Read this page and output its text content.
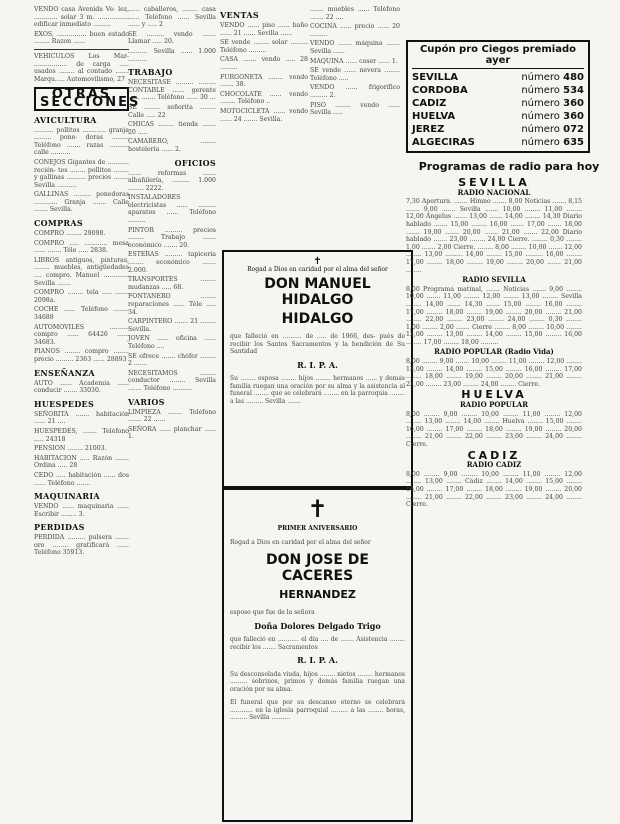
VENDO casa Avenida Ve- lez, ............ solar 3 m. ................ edificar inmediato .........

EXOS, ............... buen estado ........ Razon ......

VEHICULOS Los Mar- ................. de carga ..... usados ........ al contado ....... Marqu..... Automovilismo, 27

OTRAS SECCIONES
AVICULTURA

.......... pollitos ............ granja ......... pone- doras ......... Teléfono ....... razas .......... calle ..........

CONEJOS Gigantes de ........... recién- tes ........ pollitos ........ y gallinas .......... precios ........ Sevilla ..........

GALLINAS ......... ponedoras ............ Granja ....... Calle ....... Sevilla.

COMPRAS

COMPRO ........ 29098.

COMPRO ..... ............ mesa ...... ....... Téle ..... 2838.

LIBROS antiguos, pinturas, ........ muebles, antigüedades .... compro. Manuel ............. Sevilla .......

COMPRO ........ tela ..... ....... 2098a.

COCHE ...... Teléfono ........ 34688

AUTOMOVILES .......... compro ...... 64426 ...... 34683.

PIANOS ........ compro ........ precio ......... 2363 ...... 28893

ENSEÑANZA

AUTO ...... Academia ...... conducir ....... 33030.

HUESPEDES

SEÑORITA ....... habitación ...... 21 ....

HUESPEDES, ....... Teléfono ..... 24318

PENSION ........ 21003.

HABITACION ..... Razón ....... Ordina ..... 28

CEDO ..... habitación ...... dos ...... Teléfono .......

MAQUINARIA

VENDO ...... maquinaria ...... Escribir ........ 3.

PERDIDAS

PERDIDA ......... pulsera ....... oro ........ gratificará ...... Teléfono 35913.

...... caballeros, ........ casa ...... Teléfono ...... Sevilla ...... y ..... 2

SE ......... vendo ....... Llamar ..... 20.

.......... Sevilla ...... 1.000 ..........

TRABAJO

NECESITASE ......... ......... CONTABLE ...... gerente ...... ....... Teléfono ...... 30 ...

SE ........ señorita ........ Calle ..... 22

CHICAS ........ tienda ....... 20 .....

CAMARERO, ........ hostelería ...... 2.

OFICIOS

....... reformas ....... albañilería, ......... 1.000 ........ 2222.

INSTALADORES electricistas ...... ......... aparatos ...... Teléfono .........

PINTOR ......... precios ........ Trabajo ....... económico ....... 20.

ESTERAS ......... tapicería ........ económico ....... 2.000.

TRANSPORTES ........ mudanzas ..... 68.

FONTANERO ........ reparaciones ...... Téle ..... 34.

CARPINTERO ....... 21 ........ Sevilla.

JOVEN ...... oficina ...... Teléfono ....

SE ofrece ....... chófer ........ 2 .......

NECESITAMOS ........ conductor ........ Sevilla ....... Teléfono ..........

VARIOS

LIMPIEZA ....... Teléfono ....... 22 ......

SEÑORA ...... planchar ...... 1.

VENTAS

VENDO ...... piso ...... baño ...... 21 ...... Sevilla ......

SE vende ........ solar ......... Teléfono .........

CASA ....... vendo ..... 28 .........

FURGONETA ........ vendo ....... 38.

CHOCOLATE ...... vendo ........ Teléfono ..

MOTOCICLETA ...... vendo ...... 24 ....... Sevilla.

....... muebles ...... Teléfono ....... 22 ....

COCINA ...... precio ...... 20 .........

VENDO ....... máquina ....... Sevilla ......

MAQUINA ...... coser ...... 1.

SE vende ...... nevera ........ Teléfono .....

VENDO ...... frigorífico ......... 2.

PISO ........ vendo ...... Sevilla .....

✝
Rogad a Dios en caridad por el alma del señor
DON MANUEL HIDALGO
HIDALGO

que falleció en .......... de ..... de 1966, des- pués de recibir los Santos Sacramentos y la bendición de Su Santidad

R. I. P. A.

Su ........ esposa ........ hijos ........ hermanos ...... y demás familia ruegan una oración por su alma y la asistencia al funeral ........ que se celebrará ........ en la parroquia ........ a las ......... Sevilla .......

✝
PRIMER ANIVERSARIO

Rogad a Dios en caridad por el alma del señor

DON JOSE DE CACERES
HERNANDEZ

esposo que fue de la señora

Doña Dolores Delgado Trigo

que falleció en ........... el día .... de ....... Asistencia ........ recibir los ....... Sacramentos

R. I. P. A.

Su desconsolada viuda, hijos ........ nietos ........ hermanos ......... sobrinos, primos y demás familia ruegan una oración por su alma.

El funeral que por su descanso eterno se celebrará ............ en la iglesia parroquial ......... a las ........ horas, ......... Sevilla ..........

Cupón pro Ciegos premiado ayer
SEVILLA	número 480
CORDOBA	número 534
CADIZ	número 360
HUELVA	número 360
JEREZ	número 072
ALGECIRAS	número 635
Programas de radio para hoy
SEVILLA
RADIO NACIONAL

7,30 Apertura. ....... Himno ....... 8,00 Noticias ....... 8,15 ....... 9,00 ....... Sevilla ....... 10,00 ........ 11,00 ........ 12,00 Ángelus ....... 13,00 ....... 14,00 ........ 14,30 Diario hablado ....... 15,00 ........ 16,00 ....... 17,00 ....... 18,00 ....... 19,00 ....... 20,00 ....... 21,00 ....... 22,00 Diario hablado ....... 23,00 ........ 24,00 Cierre. ........ 0,30 ........ 1,00 ....... 2,00 Cierre. ........ 8,00 ........ 10,00 ....... 12,00 ........ 13,00 ......... 14,00 ........ 15,00 ......... 16,00 ........ 17,00 ........ 18,00 ........ 19,00 ........ 20,00 ....... 21,00 ........

RADIO SEVILLA

8,00 Programa matinal, ....... Noticias ....... 9,00 ........ 10,00 ....... 11,00 ........ 12,00 ........ 13,00 ........ Sevilla ........ 14,00 ....... 14,30 ....... 15,00 ........ 16,00 ........ 17,00 ........ 18,00 ........ 19,00 ........ 20,00 ........ 21,00 ........ 22,00 ........ 23,00 ........ 24,00 ........ 0,30 ........ 1,00 ........ 2,00 ....... Cierre ........ 8,00 ........ 10,00 ........ 12,00 ........ 13,00 ........ 14,00 ........ 15,00 ........ 16,00 ........ 17,00 ........ 18,00 .........

RADIO POPULAR (Radio Vida)

8,00 ........ 9,00 ....... 10,00 ........ 11,00 ........ 12,00 ........ 13,00 ........ 14,00 ........ 15,00 ........ 16,00 ........ 17,00 ........ 18,00 ........ 19,00 ........ 20,00 ........ 21,00 ........ 22,00 ........ 23,00 ........ 24,00 ........ Cierre.

HUELVA
RADIO POPULAR

8,00 ........ 9,00 ........ 10,00 ........ 11,00 ........ 12,00 ........ 13,00 ........ 14,00 ........ Huelva ........ 15,00 ........ 16,00 ........ 17,00 ........ 18,00 ........ 19,00 ........ 20,00 ........ 21,00 ........ 22,00 ........ 23,00 ........ 24,00 ........ Cierre.

CADIZ
RADIO CADIZ

8,00 ........ 9,00 ........ 10,00 ........ 11,00 ........ 12,00 ........ 13,00 ........ Cádiz ........ 14,00 ........ 15,00 ........ 16,00 ........ 17,00 ........ 18,00 ........ 19,00 ........ 20,00 ........ 21,00 ........ 22,00 ........ 23,00 ........ 24,00 ........ Cierre.
